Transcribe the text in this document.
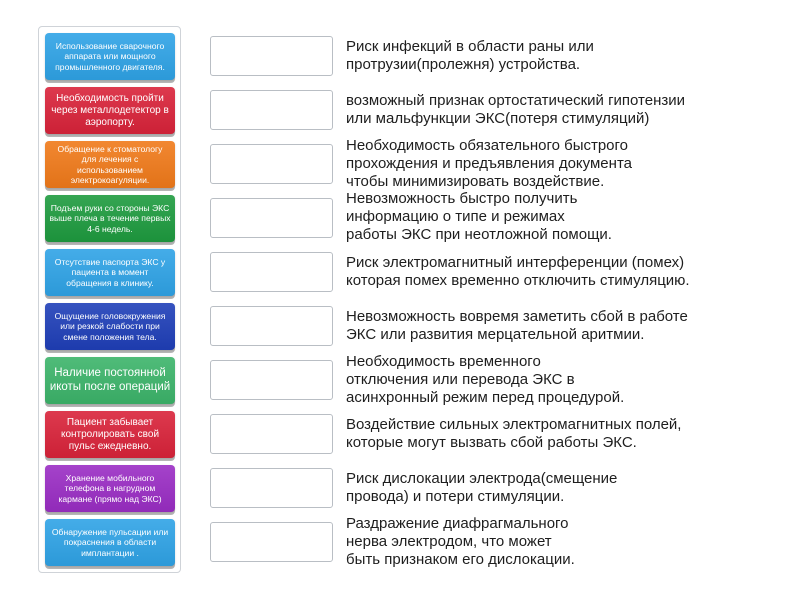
Использование сварочного аппарата или мощного промышленного двигателя.
Необходимость пройти через металлодетектор в аэропорту.
Обращение к стоматологу для лечения с использованием электрокоагуляции.
Подъем руки со стороны ЭКС выше плеча в течение первых 4-6 недель.
Отсутствие паспорта ЭКС у пациента в момент обращения в клинику.
Ощущение головокружения или резкой слабости при смене положения тела.
Наличие постоянной икоты после операций
Пациент забывает контролировать свой пульс ежедневно.
Хранение мобильного телефона в нагрудном кармане (прямо над ЭКС)
Обнаружение пульсации или покраснения в области имплантации .
Риск инфекций в области раны или
протрузии(пролежня) устройства.
возможный признак ортостатический гипотензии
или мальфункции ЭКС(потеря стимуляций)
Необходимость обязательного быстрого
прохождения и предъявления документа
чтобы минимизировать воздействие.
Невозможность быстро получить
информацию о типе и режимах
работы ЭКС при неотложной помощи.
Риск электромагнитный интерференции (помех)
которая помех временно отключить стимуляцию.
Невозможность вовремя заметить сбой в работе
ЭКС или развития мерцательной аритмии.
Необходимость временного
отключения или перевода ЭКС в
асинхронный режим перед процедурой.
Воздействие сильных электромагнитных полей,
которые могут вызвать сбой работы ЭКС.
Риск дислокации электрода(смещение
провода) и потери стимуляции.
Раздражение диафрагмального
нерва электродом, что может
быть признаком его дислокации.
